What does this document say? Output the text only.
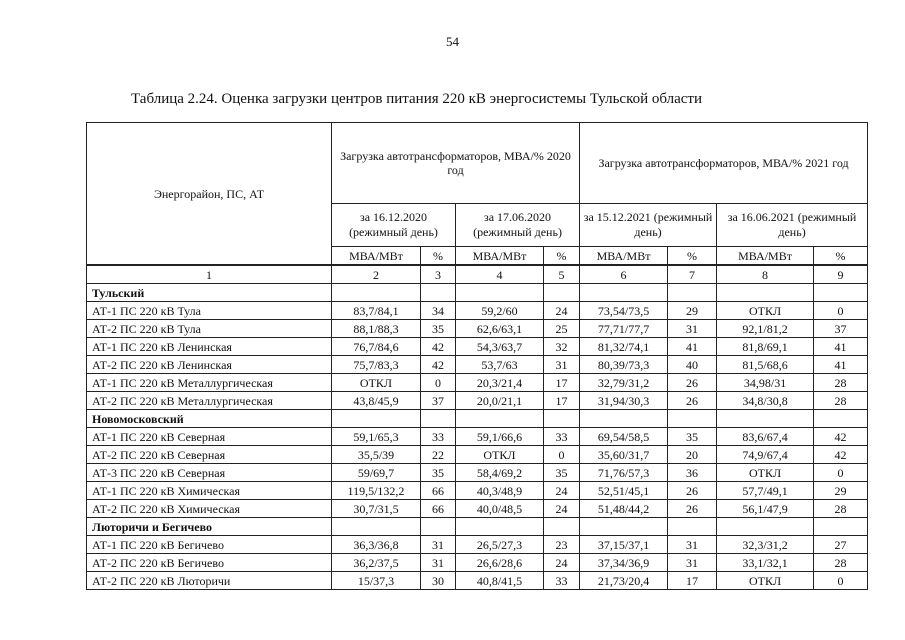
54
Таблица 2.24. Оценка загрузки центров питания 220 кВ энергосистемы Тульской области
Энергорайон, ПС, АТ	Загрузка автотрансформаторов, МВА/% 2020 год				Загрузка автотрансформаторов, МВА/% 2021 год			
	за 16.12.2020 (режимный день)		за 17.06.2020 (режимный день)		за 15.12.2021 (режимный день)		за 16.06.2021 (режимный день)	
	МВА/МВт	%	МВА/МВт	%	МВА/МВт	%	МВА/МВт	%
1	2	3	4	5	6	7	8	9
Тульский								
АТ-1 ПС 220 кВ Тула	83,7/84,1	34	59,2/60	24	73,54/73,5	29	ОТКЛ	0
АТ-2 ПС 220 кВ Тула	88,1/88,3	35	62,6/63,1	25	77,71/77,7	31	92,1/81,2	37
АТ-1 ПС 220 кВ Ленинская	76,7/84,6	42	54,3/63,7	32	81,32/74,1	41	81,8/69,1	41
АТ-2 ПС 220 кВ Ленинская	75,7/83,3	42	53,7/63	31	80,39/73,3	40	81,5/68,6	41
АТ-1 ПС 220 кВ Металлургическая	ОТКЛ	0	20,3/21,4	17	32,79/31,2	26	34,98/31	28
АТ-2 ПС 220 кВ Металлургическая	43,8/45,9	37	20,0/21,1	17	31,94/30,3	26	34,8/30,8	28
Новомосковский								
АТ-1 ПС 220 кВ Северная	59,1/65,3	33	59,1/66,6	33	69,54/58,5	35	83,6/67,4	42
АТ-2 ПС 220 кВ Северная	35,5/39	22	ОТКЛ	0	35,60/31,7	20	74,9/67,4	42
АТ-3 ПС 220 кВ Северная	59/69,7	35	58,4/69,2	35	71,76/57,3	36	ОТКЛ	0
АТ-1 ПС 220 кВ Химическая	119,5/132,2	66	40,3/48,9	24	52,51/45,1	26	57,7/49,1	29
АТ-2 ПС 220 кВ Химическая	30,7/31,5	66	40,0/48,5	24	51,48/44,2	26	56,1/47,9	28
Люторичи и Бегичево								
АТ-1 ПС 220 кВ Бегичево	36,3/36,8	31	26,5/27,3	23	37,15/37,1	31	32,3/31,2	27
АТ-2 ПС 220 кВ Бегичево	36,2/37,5	31	26,6/28,6	24	37,34/36,9	31	33,1/32,1	28
АТ-2 ПС 220 кВ Люторичи	15/37,3	30	40,8/41,5	33	21,73/20,4	17	ОТКЛ	0
